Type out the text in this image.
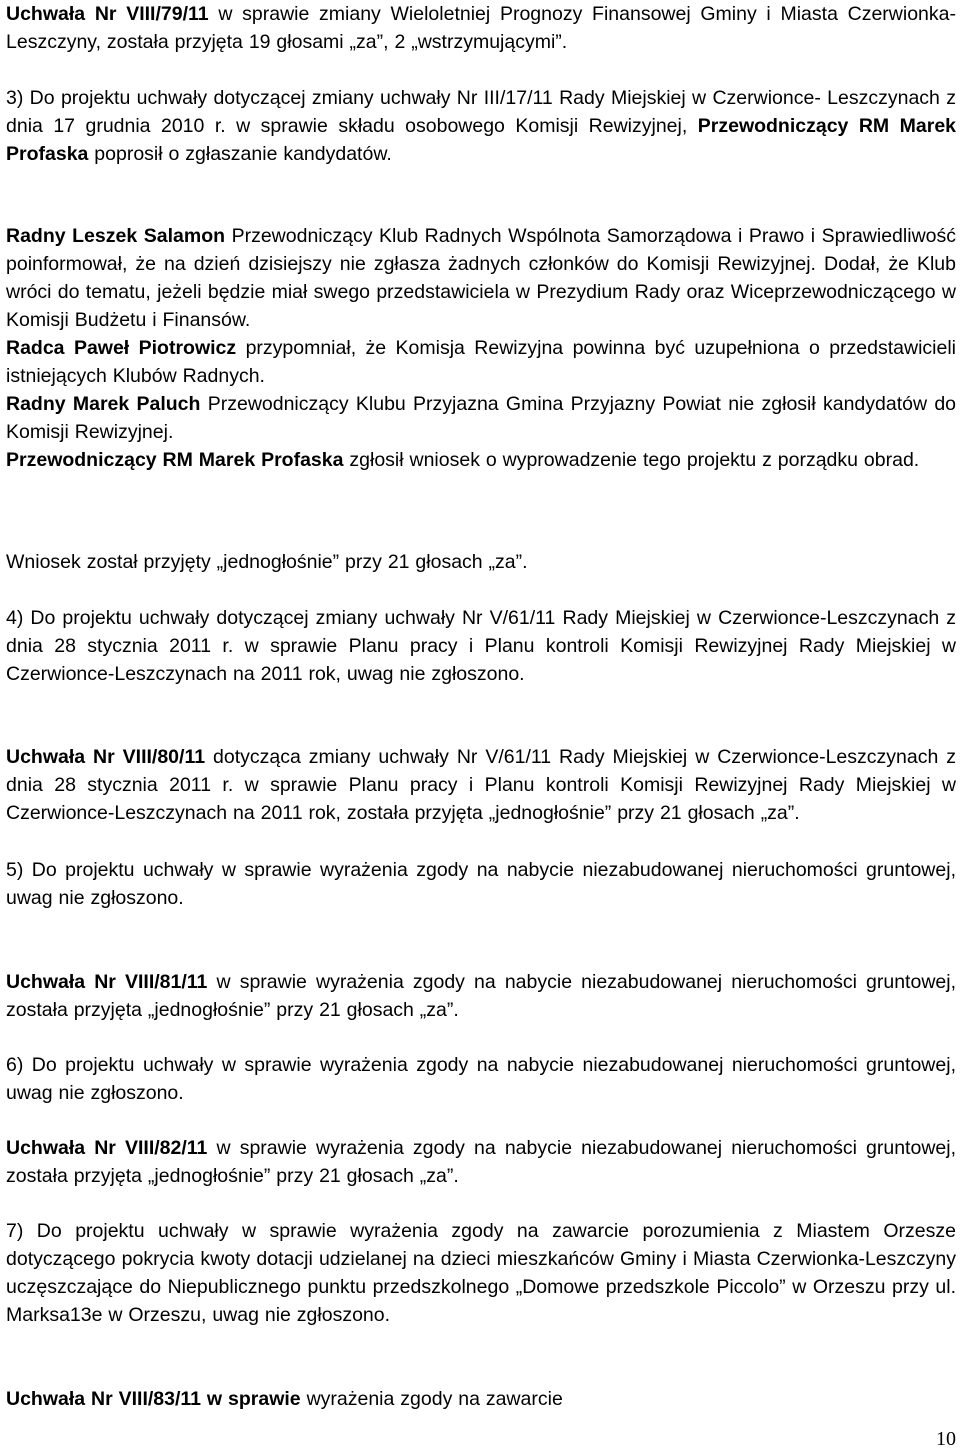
Uchwała Nr VIII/79/11 w sprawie zmiany Wieloletniej Prognozy Finansowej Gminy i Miasta Czerwionka-Leszczyny, została przyjęta 19 głosami „za”, 2 „wstrzymującymi”.

3) Do projektu uchwały dotyczącej zmiany uchwały Nr III/17/11 Rady Miejskiej w Czerwionce- Leszczynach z dnia 17 grudnia 2010 r. w sprawie składu osobowego Komisji Rewizyjnej, Przewodniczący RM Marek Profaska poprosił o zgłaszanie kandydatów.

Radny Leszek Salamon Przewodniczący Klub Radnych Wspólnota Samorządowa i Prawo i Sprawiedliwość poinformował, że na dzień dzisiejszy nie zgłasza żadnych członków do Komisji Rewizyjnej. Dodał, że Klub wróci do tematu, jeżeli będzie miał swego przedstawiciela w Prezydium Rady oraz Wiceprzewodniczącego w Komisji Budżetu i Finansów.
Radca Paweł Piotrowicz przypomniał, że Komisja Rewizyjna powinna być uzupełniona o przedstawicieli istniejących Klubów Radnych.
Radny Marek Paluch Przewodniczący Klubu Przyjazna Gmina Przyjazny Powiat nie zgłosił kandydatów do Komisji Rewizyjnej.
Przewodniczący RM Marek Profaska zgłosił wniosek o wyprowadzenie tego projektu z porządku obrad.

Wniosek został przyjęty „jednogłośnie” przy 21 głosach „za”.

4) Do projektu uchwały dotyczącej zmiany uchwały Nr V/61/11 Rady Miejskiej w Czerwionce-Leszczynach z dnia 28 stycznia 2011 r. w sprawie Planu pracy i Planu kontroli Komisji Rewizyjnej Rady Miejskiej w Czerwionce-Leszczynach na 2011 rok, uwag nie zgłoszono.

Uchwała Nr VIII/80/11 dotycząca zmiany uchwały Nr V/61/11 Rady Miejskiej w Czerwionce-Leszczynach z dnia 28 stycznia 2011 r. w sprawie Planu pracy i Planu kontroli Komisji Rewizyjnej Rady Miejskiej w Czerwionce-Leszczynach na 2011 rok, została przyjęta „jednogłośnie” przy 21 głosach „za”.

5) Do projektu uchwały w sprawie wyrażenia zgody na nabycie niezabudowanej nieruchomości gruntowej, uwag nie zgłoszono.

Uchwała Nr VIII/81/11 w sprawie wyrażenia zgody na nabycie niezabudowanej nieruchomości gruntowej, została przyjęta „jednogłośnie” przy 21 głosach „za”.

6) Do projektu uchwały w sprawie wyrażenia zgody na nabycie niezabudowanej nieruchomości gruntowej, uwag nie zgłoszono.

Uchwała Nr VIII/82/11 w sprawie wyrażenia zgody na nabycie niezabudowanej nieruchomości gruntowej, została przyjęta „jednogłośnie” przy 21 głosach „za”.

7) Do projektu uchwały w sprawie wyrażenia zgody na zawarcie porozumienia z Miastem Orzesze dotyczącego pokrycia kwoty dotacji udzielanej na dzieci mieszkańców Gminy i Miasta Czerwionka-Leszczyny uczęszczające do Niepublicznego punktu przedszkolnego „Domowe przedszkole Piccolo” w Orzeszu przy ul. Marksa13e w Orzeszu, uwag nie zgłoszono.

Uchwała Nr VIII/83/11 w sprawie wyrażenia zgody na zawarcie

10
